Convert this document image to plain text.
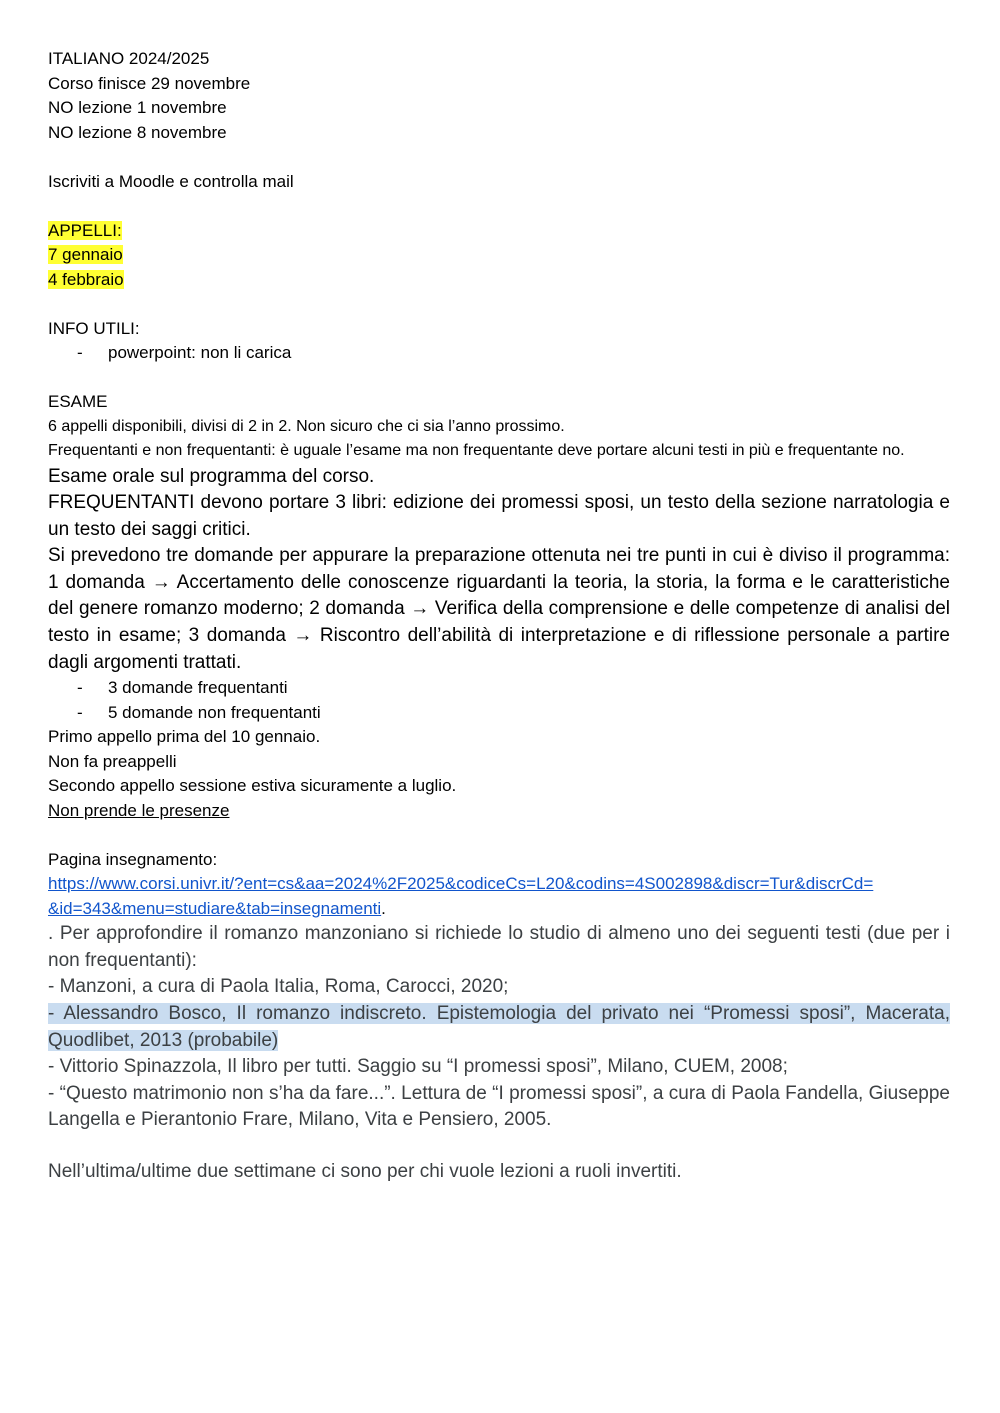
ITALIANO 2024/2025
Corso finisce 29 novembre
NO lezione 1 novembre
NO lezione 8 novembre
Iscriviti a Moodle e controlla mail
APPELLI:
7 gennaio
4 febbraio
INFO UTILI:
- powerpoint: non li carica
ESAME
6 appelli disponibili, divisi di 2 in 2. Non sicuro che ci sia l’anno prossimo.
Frequentanti e non frequentanti: è uguale l’esame ma non frequentante deve portare alcuni testi in più e frequentante no.
Esame orale sul programma del corso.
FREQUENTANTI devono portare 3 libri: edizione dei promessi sposi, un testo della sezione narratologia e un testo dei saggi critici.
Si prevedono tre domande per appurare la preparazione ottenuta nei tre punti in cui è diviso il programma: 1 domanda → Accertamento delle conoscenze riguardanti la teoria, la storia, la forma e le caratteristiche del genere romanzo moderno; 2 domanda → Verifica della comprensione e delle competenze di analisi del testo in esame; 3 domanda → Riscontro dell’abilità di interpretazione e di riflessione personale a partire dagli argomenti trattati.
- 3 domande frequentanti
- 5 domande non frequentanti
Primo appello prima del 10 gennaio.
Non fa preappelli
Secondo appello sessione estiva sicuramente a luglio.
Non prende le presenze
Pagina insegnamento:
https://www.corsi.univr.it/?ent=cs&aa=2024%2F2025&codiceCs=L20&codins=4S002898&discr=Tur&discrCd=
&id=343&menu=studiare&tab=insegnamenti.
. Per approfondire il romanzo manzoniano si richiede lo studio di almeno uno dei seguenti testi (due per i non frequentanti):
- Manzoni, a cura di Paola Italia, Roma, Carocci, 2020;
- Alessandro Bosco, Il romanzo indiscreto. Epistemologia del privato nei “Promessi sposi”, Macerata, Quodlibet, 2013 (probabile)
- Vittorio Spinazzola, Il libro per tutti. Saggio su “I promessi sposi”, Milano, CUEM, 2008;
- “Questo matrimonio non s’ha da fare...”. Lettura de “I promessi sposi”, a cura di Paola Fandella, Giuseppe Langella e Pierantonio Frare, Milano, Vita e Pensiero, 2005.
Nell’ultima/ultime due settimane ci sono per chi vuole lezioni a ruoli invertiti.
